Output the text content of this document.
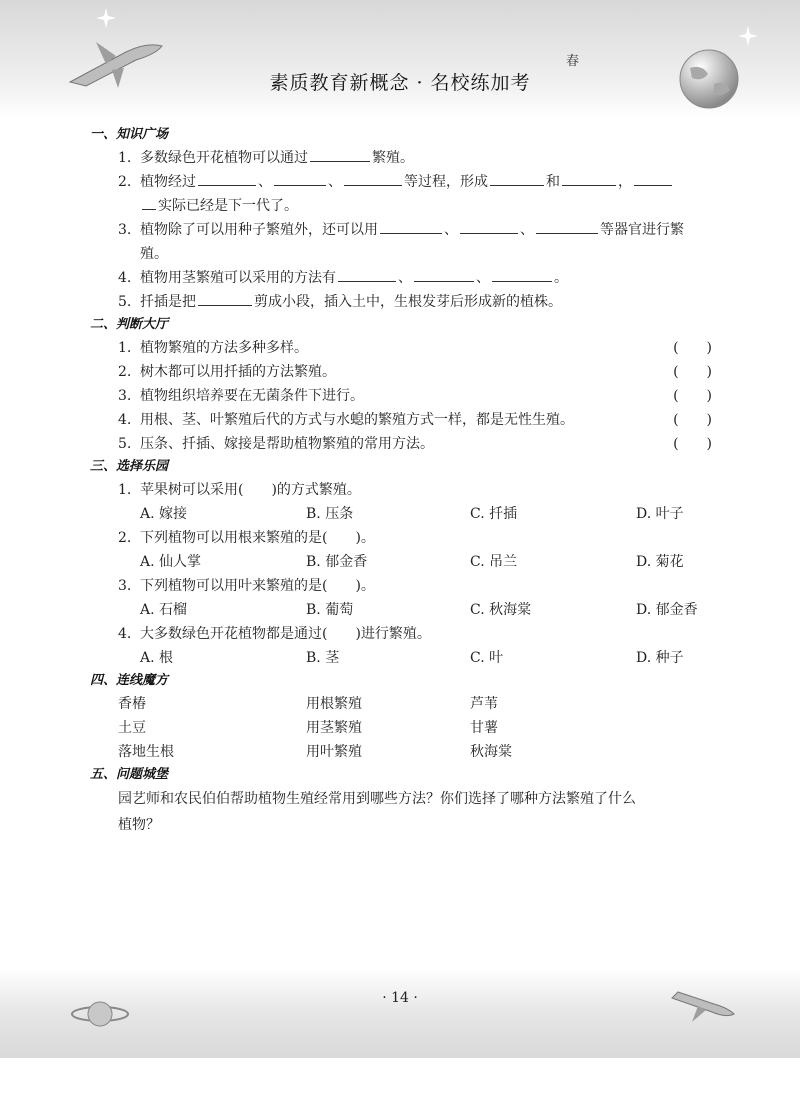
春
素质教育新概念 · 名校练加考
· 14 ·
一、知识广场
1. 多数绿色开花植物可以通过	繁殖。
2. 植物经过	、	、	等过程，形成	和	，
实际已经是下一代了。
3. 植物除了可以用种子繁殖外，还可以用	、	、	等器官进行繁
殖。
4. 植物用茎繁殖可以采用的方法有	、	、	。
5. 扦插是把	剪成小段，插入土中，生根发芽后形成新的植株。
二、判断大厅
1. 植物繁殖的方法多种多样。	(　　)
2. 树木都可以用扦插的方法繁殖。	(　　)
3. 植物组织培养要在无菌条件下进行。	(　　)
4. 用根、茎、叶繁殖后代的方式与水螅的繁殖方式一样，都是无性生殖。	(　　)
5. 压条、扦插、嫁接是帮助植物繁殖的常用方法。	(　　)
三、选择乐园
1. 苹果树可以采用(　　)的方式繁殖。
A. 嫁接	B. 压条	C. 扦插	D. 叶子
2. 下列植物可以用根来繁殖的是(　　)。
A. 仙人掌	B. 郁金香	C. 吊兰	D. 菊花
3. 下列植物可以用叶来繁殖的是(　　)。
A. 石榴	B. 葡萄	C. 秋海棠	D. 郁金香
4. 大多数绿色开花植物都是通过(　　)进行繁殖。
A. 根	B. 茎	C. 叶	D. 种子
四、连线魔方
香椿	用根繁殖	芦苇
土豆	用茎繁殖	甘薯
落地生根	用叶繁殖	秋海棠
五、问题城堡
园艺师和农民伯伯帮助植物生殖经常用到哪些方法？你们选择了哪种方法繁殖了什么
植物？
